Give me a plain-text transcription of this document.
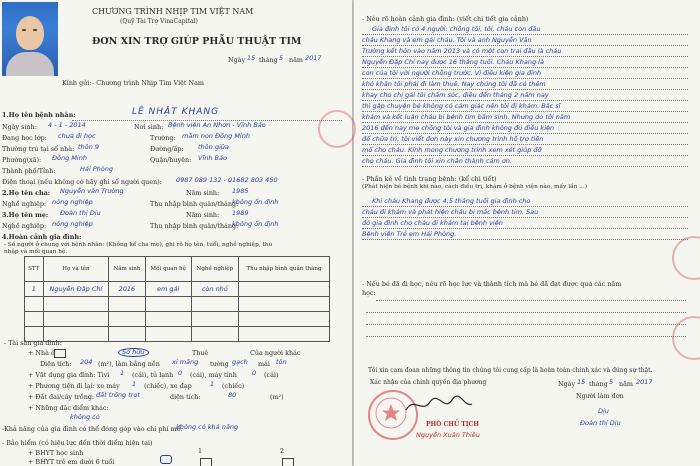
CHƯƠNG TRÌNH NHỊP TIM VIỆT NAM
(Quỹ Tài Trợ VinaCapital)
ĐƠN XIN TRỢ GIÚP PHẪU THUẬT TIM
Ngày 15 tháng 5 năm 2017
Kính gửi: - Chương trình Nhịp Tim Việt Nam
1.Họ tên bệnh nhân:	LÊ NHẬT KHANG
Ngày sinh: 4 - 1 - 2014	Nơi sinh: Bệnh viện An Nhơn - Vĩnh Bảo
Đang học lớp: chưa đi học	Trường: mầm non Đồng Minh
Thường trú tại số nhà: thôn 9	Đường/ấp: thôn giữa
Phường(xã): Đồng Minh	Quận/huyện: Vĩnh Bảo
Thành phố/Tỉnh:	Hải Phòng
Điện thoại (nếu không có hãy ghi số người quen): 0987 089 132 - 01682 803 450
2.Họ tên cha: Nguyễn văn Trường	Năm sinh: 1985
Nghề nghiệp: nông nghiệp	Thu nhập bình quân/tháng:
không ổn định
3.Họ tên mẹ: Đoàn thị Dịu	Năm sinh: 1989
Nghề nghiệp: nông nghiệp	Thu nhập bình quân/tháng:
không ổn định
4.Hoàn cảnh gia đình:
- Số người ở chung với bệnh nhân: (Không kể cha mẹ), ghi rõ họ tên, tuổi, nghề nghiệp, thu
nhập và mối quan hệ.
STT	Họ và tên	Năm sinh	Mối quan hệ	Nghề nghiệp	Thu nhập bình quân tháng
1	Nguyễn Đặp Chí	2016	em gái	còn nhỏ	

- Tài sản gia đình:
+ Nhà ở	Sở hữu	Thuê	Của người khác
Diện tích: 204 (m²), làm bằng nền xi măng tường gạch mái tôn
+ Vật dụng gia đình: Tivi 1 (cái), tủ lạnh 0 (cái), máy tính 0 (cái)
+ Phương tiện đi lại: xe máy 1 (chiếc), xe đạp	1 (chiếc)
+ Đất đai/cây trồng: đất trồng trọt	diện tích:	80	(m²)
+ Những đặc điểm khác:
không có
-Khả năng của gia đình có thể đóng góp vào chi phí mổ:
không có khả năng
- Bảo hiểm (có hiệu lực đến thời điểm hiện tại)
+ BHYT học sinh
+ BHYT trẻ em dưới 6 tuổi
1	2
- Nêu rõ hoàn cảnh gia đình: (viết chi tiết gia cảnh)
Gia đình tôi có 4 người: chồng tôi, tôi, cháu con đầu
cháu Khang và em gái cháu. Tôi và anh Nguyễn Văn
Trường kết hôn vào năm 2013 và có một con trai đầu là cháu
Nguyễn Đặp Chí nay được 16 tháng tuổi. Cháu Khang là
con của tôi với người chồng trước. Vì điều kiện gia đình
khó khăn tôi phải đi làm thuê. Nay chúng tôi đã có thêm
khay cho chị gái tôi chăm sóc, điều đến tháng 2 năm nay
thì gặp chuyện bé không có cảm giác nên tôi đi khám. Bác sĩ
khám và kết luận cháu bị bệnh tim bẩm sinh. Nhưng do tới năm
2016 đến nay mẹ chồng tôi và gia đình không đủ điều kiện
để chữa trị, tôi viết đơn này xin chương trình hỗ trợ tiền
mổ cho cháu. Kính mong chương trình xem xét giúp đỡ
cho cháu. Gia đình tôi xin chân thành cảm ơn.
- Phần kê về tình trạng bệnh: (kể chi tiết)
(Phát hiện bé bệnh khi nào, cách điều trị, khám ở bệnh viện nào, mấy lần ...)
Khi cháu Khang được 4,5 tháng tuổi gia đình cho
cháu đi khám và phát hiện cháu bị mắc bệnh tim. Sau
đó gia đình cho cháu đi khám tại bệnh viện
Bệnh viện Trẻ em Hải Phòng.
- Nếu bé đã đi học, nêu rõ học lực và thành tích mà bé đã đạt được qua các năm
học:
Tôi xin cam đoan những thông tin chúng tôi cung cấp là hoàn toàn chính xác và đúng sự thật.
Ngày 15 tháng 5 năm 2017
Xác nhận của chính quyền địa phương
Người làm đơn
Dịu
Đoàn thị Dịu
PHÓ CHỦ TỊCH
Nguyễn Xuân Thiều
